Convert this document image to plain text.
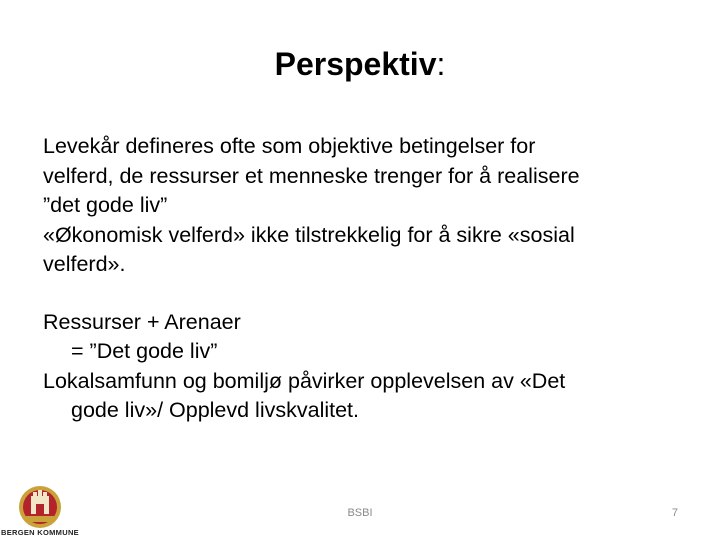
Perspektiv:

Levekår defineres ofte som objektive betingelser for

velferd, de ressurser et menneske trenger for å realisere

”det gode liv”

«Økonomisk velferd» ikke tilstrekkelig for å sikre «sosial

velferd».

Ressurser + Arenaer

= ”Det gode liv”

Lokalsamfunn og bomiljø påvirker opplevelsen av «Det

gode liv»/ Opplevd livskvalitet.

BERGEN KOMMUNE
BSBI	7
